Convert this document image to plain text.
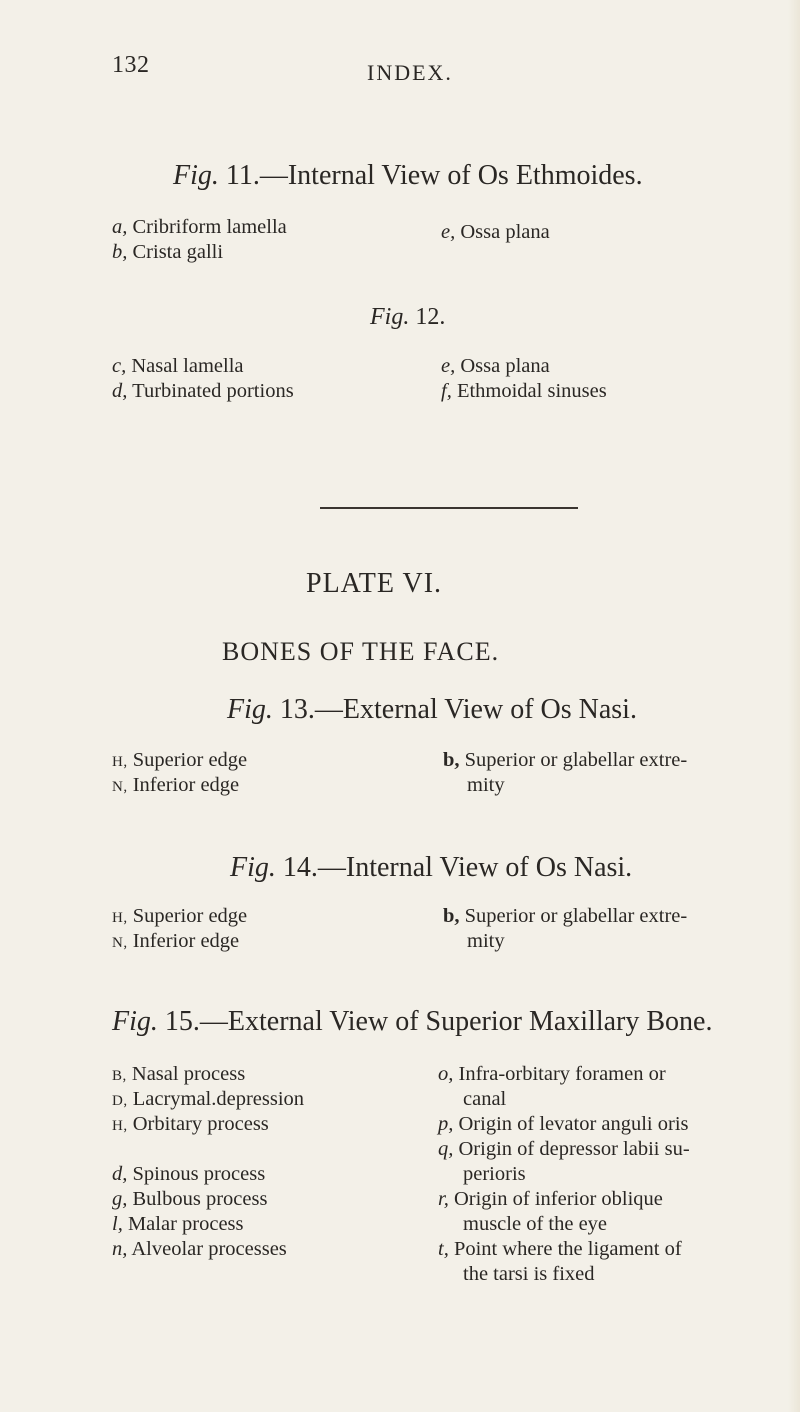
132	INDEX.
Fig. 11.—Internal View of Os Ethmoides.
a, Cribriform lamella
b, Crista galli
e, Ossa plana
Fig. 12.
c, Nasal lamella
d, Turbinated portions
e, Ossa plana
f, Ethmoidal sinuses
PLATE VI.
BONES OF THE FACE.
Fig. 13.—External View of Os Nasi.
H, Superior edge
N, Inferior edge
b, Superior or glabellar extre-
mity
Fig. 14.—Internal View of Os Nasi.
H, Superior edge
N, Inferior edge
b, Superior or glabellar extre-
mity
Fig. 15.—External View of Superior Maxillary Bone.
B, Nasal process
D, Lacrymal.depression
H, Orbitary process
d, Spinous process
g, Bulbous process
l, Malar process
n, Alveolar processes
o, Infra-orbitary foramen or
canal
p, Origin of levator anguli oris
q, Origin of depressor labii su-
perioris
r, Origin of inferior oblique
muscle of the eye
t, Point where the ligament of
the tarsi is fixed
